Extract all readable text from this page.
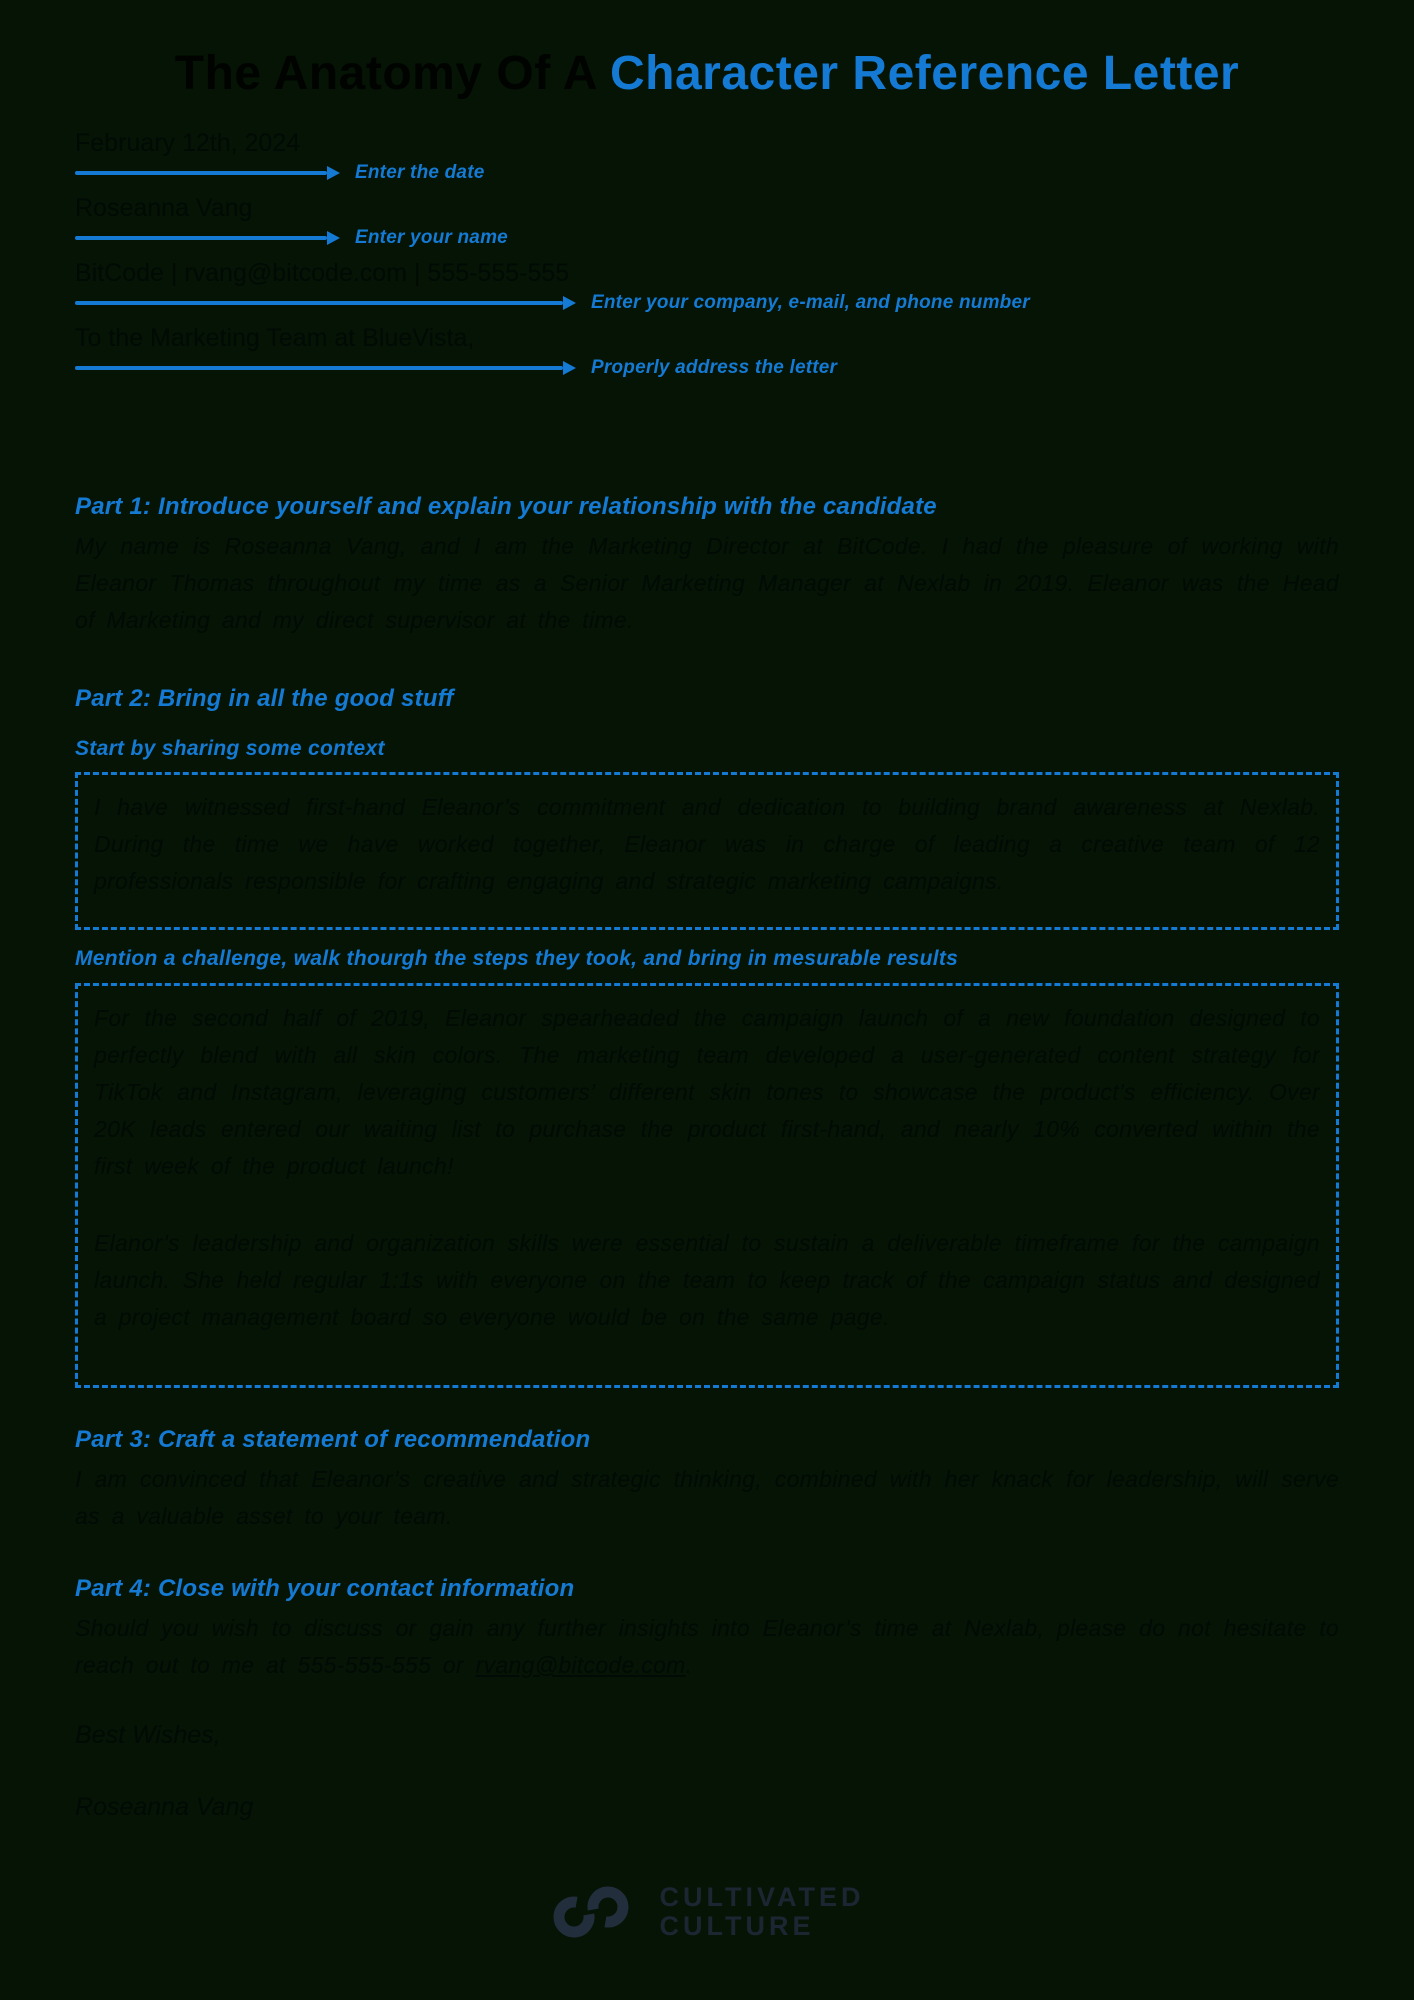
The Anatomy Of A Character Reference Letter
February 12th, 2024
Enter the date
Roseanna Vang
Enter your name
BitCode | rvang@bitcode.com | 555-555-555
Enter your company, e-mail, and phone number
To the Marketing Team at BlueVista,
Properly address the letter
Part 1: Introduce yourself and explain your relationship with the candidate
My name is Roseanna Vang, and I am the Marketing Director at BitCode. I had the pleasure of working with Eleanor Thomas throughout my time as a Senior Marketing Manager at Nexlab in 2019. Eleanor was the Head of Marketing and my direct supervisor at the time.
Part 2: Bring in all the good stuff
Start by sharing some context
I have witnessed first-hand Eleanor’s commitment and dedication to building brand awareness at Nexlab. During the time we have worked together, Eleanor was in charge of leading a creative team of 12 professionals responsible for crafting engaging and strategic marketing campaigns.
Mention a challenge, walk thourgh the steps they took, and bring in mesurable results
For the second half of 2019, Eleanor spearheaded the campaign launch of a new foundation designed to perfectly blend with all skin colors. The marketing team developed a user-generated content strategy for TikTok and Instagram, leveraging customers’ different skin tones to showcase the product’s efficiency. Over 20K leads entered our waiting list to purchase the product first-hand, and nearly 10% converted within the first week of the product launch!
Elanor’s leadership and organization skills were essential to sustain a deliverable timeframe for the campaign launch. She held regular 1:1s with everyone on the team to keep track of the campaign status and designed a project management board so everyone would be on the same page.
Part 3: Craft a statement of recommendation
I am convinced that Eleanor’s creative and strategic thinking, combined with her knack for leadership, will serve as a valuable asset to your team.
Part 4: Close with your contact information
Should you wish to discuss or gain any further insights into Eleanor’s time at Nexlab, please do not hesitate to reach out to me at 555-555-555 or rvang@bitcode.com.
Best Wishes,
Roseanna Vang
CULTIVATED
CULTURE
